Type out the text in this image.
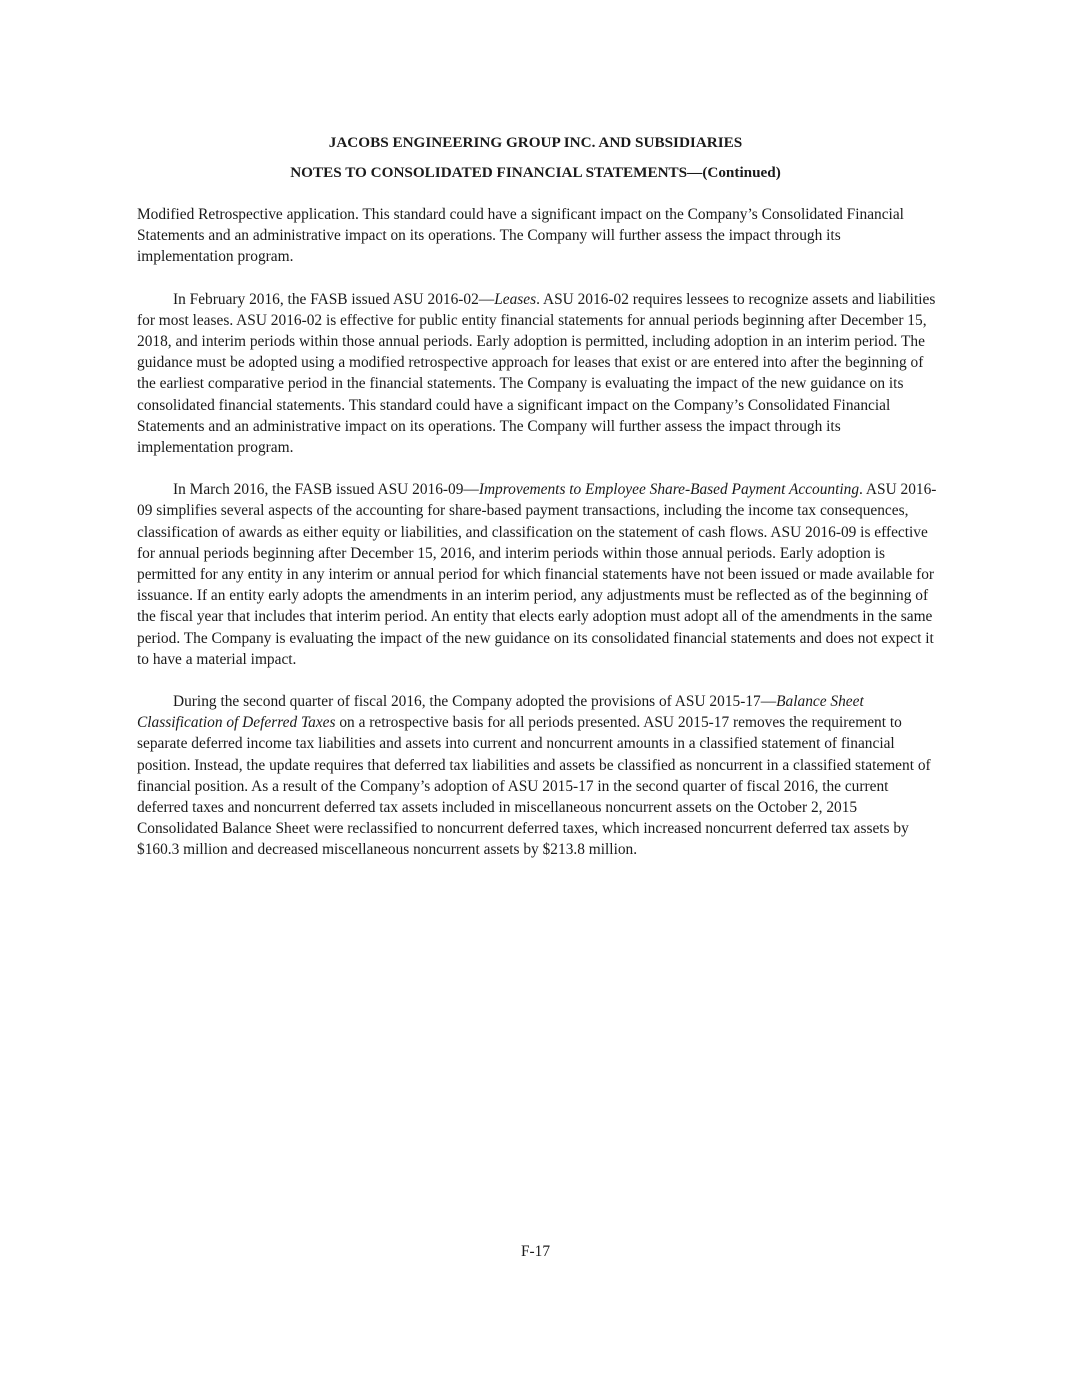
JACOBS ENGINEERING GROUP INC. AND SUBSIDIARIES
NOTES TO CONSOLIDATED FINANCIAL STATEMENTS—(Continued)

Modified Retrospective application. This standard could have a significant impact on the Company’s Consolidated Financial Statements and an administrative impact on its operations. The Company will further assess the impact through its implementation program.

In February 2016, the FASB issued ASU 2016-02—Leases. ASU 2016-02 requires lessees to recognize assets and liabilities for most leases. ASU 2016-02 is effective for public entity financial statements for annual periods beginning after December 15, 2018, and interim periods within those annual periods. Early adoption is permitted, including adoption in an interim period. The guidance must be adopted using a modified retrospective approach for leases that exist or are entered into after the beginning of the earliest comparative period in the financial statements. The Company is evaluating the impact of the new guidance on its consolidated financial statements. This standard could have a significant impact on the Company’s Consolidated Financial Statements and an administrative impact on its operations. The Company will further assess the impact through its implementation program.

In March 2016, the FASB issued ASU 2016-09—Improvements to Employee Share-Based Payment Accounting. ASU 2016-09 simplifies several aspects of the accounting for share-based payment transactions, including the income tax consequences, classification of awards as either equity or liabilities, and classification on the statement of cash flows. ASU 2016-09 is effective for annual periods beginning after December 15, 2016, and interim periods within those annual periods. Early adoption is permitted for any entity in any interim or annual period for which financial statements have not been issued or made available for issuance. If an entity early adopts the amendments in an interim period, any adjustments must be reflected as of the beginning of the fiscal year that includes that interim period. An entity that elects early adoption must adopt all of the amendments in the same period. The Company is evaluating the impact of the new guidance on its consolidated financial statements and does not expect it to have a material impact.

During the second quarter of fiscal 2016, the Company adopted the provisions of ASU 2015-17—Balance Sheet Classification of Deferred Taxes on a retrospective basis for all periods presented. ASU 2015-17 removes the requirement to separate deferred income tax liabilities and assets into current and noncurrent amounts in a classified statement of financial position. Instead, the update requires that deferred tax liabilities and assets be classified as noncurrent in a classified statement of financial position. As a result of the Company’s adoption of ASU 2015-17 in the second quarter of fiscal 2016, the current deferred taxes and noncurrent deferred tax assets included in miscellaneous noncurrent assets on the October 2, 2015 Consolidated Balance Sheet were reclassified to noncurrent deferred taxes, which increased noncurrent deferred tax assets by $160.3 million and decreased miscellaneous noncurrent assets by $213.8 million.

F-17
